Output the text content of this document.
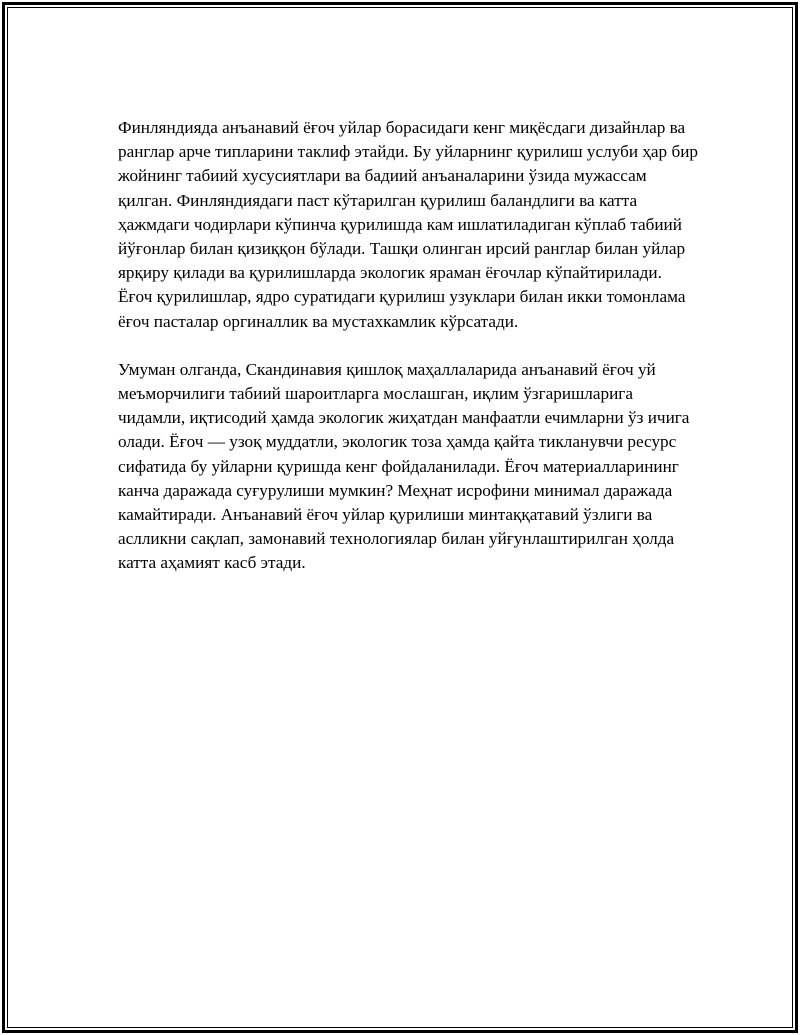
Финляндияда анъанавий ёғоч уйлар борасидаги кенг миқёсдаги дизайнлар ва ранглар арче типларини таклиф этайди. Бу уйларнинг қурилиш услуби ҳар бир жойнинг табиий хусусиятлари ва бадиий анъаналарини ўзида мужассам қилган. Финляндиядаги паст кўтарилган қурилиш баландлиги ва катта ҳажмдаги чодирлари кўпинча қурилишда кам ишлатиладиган кўплаб табиий йўғонлар билан қизиққон бўлади. Ташқи олинган ирсий ранглар билан уйлар ярқиру қилади ва қурилишларда экологик яраман ёғочлар кўпайтирилади. Ёғоч қурилишлар, ядро суратидаги қурилиш узуклари билан икки томонлама ёғоч пасталар оргиналлик ва мустахкамлик кўрсатади.

Умуман олганда, Скандинавия қишлоқ маҳаллаларида анъанавий ёғоч уй меъморчилиги табиий шароитларга мослашган, иқлим ўзгаришларига чидамли, иқтисодий ҳамда экологик жиҳатдан манфаатли ечимларни ўз ичига олади. Ёғоч — узоқ муддатли, экологик тоза ҳамда қайта тикланувчи ресурс сифатида бу уйларни қуришда кенг фойдаланилади. Ёғоч материалларининг канча даражада суғурулиши мумкин? Меҳнат исрофини минимал даражада камайтиради. Анъанавий ёғоч уйлар қурилиши минтаққатавий ўзлиги ва аслликни сақлап, замонавий технологиялар билан уйғунлаштирилган ҳолда катта аҳамият касб этади.
